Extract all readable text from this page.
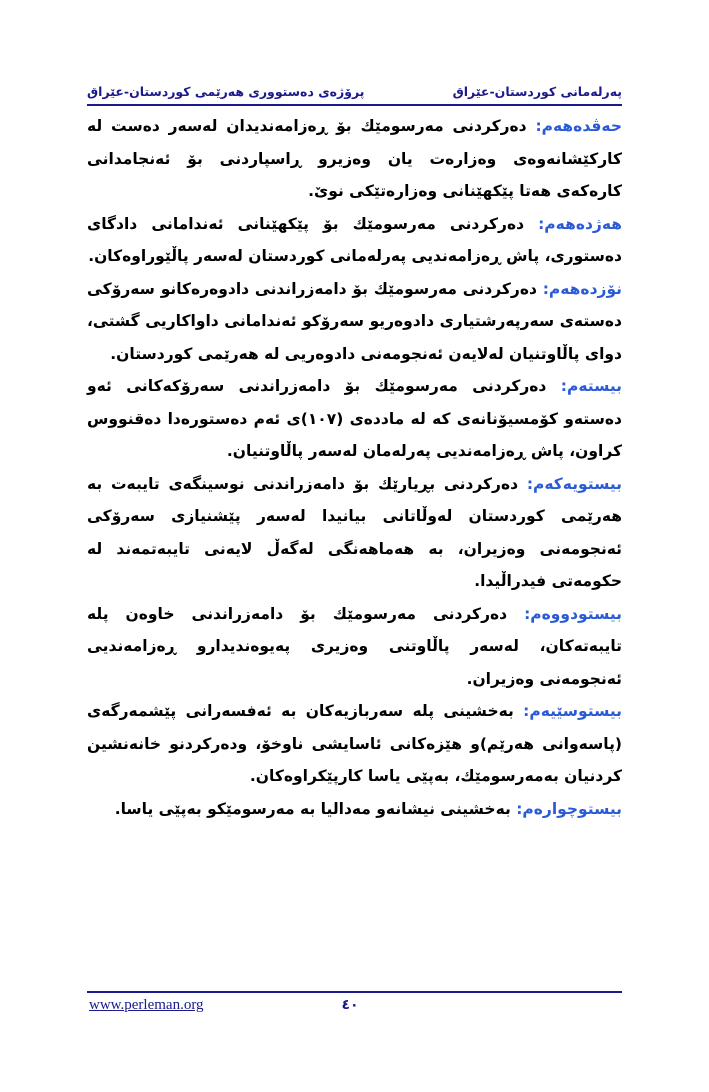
پەرلەمانی کوردستان-عێراق
پرۆژەی دەستووری هەرێمی کوردستان-عێراق

حەڤدەهەم: دەرکردنی مەرسومێك بۆ ڕەزامەندیدان لەسەر دەست لە کارکێشانەوەی وەزارەت یان وەزیرو ڕاسپاردنی بۆ ئەنجامدانی کارەکەی هەتا پێکهێنانی وەزارەتێکی نوێ.

هەژدەهەم: دەرکردنی مەرسومێك بۆ پێکهێنانی ئەندامانی دادگای دەستوری، پاش ڕەزامەندیی پەرلەمانی کوردستان لەسەر پاڵێوراوەکان.

نۆزدەهەم: دەرکردنی مەرسومێك بۆ دامەزراندنی دادوەرەکانو سەرۆکی دەستەی سەرپەرشتیاری دادوەریو سەرۆکو ئەندامانی داواکاریی گشتی، دوای پاڵاوتنیان لەلایەن ئەنجومەنی دادوەریی لە هەرێمی کوردستان.

بیستەم: دەرکردنی مەرسومێك بۆ دامەزراندنی سەرۆکەکانی ئەو دەستەو کۆمسیۆنانەی کە لە ماددەی (١٠٧)ی ئەم دەستورەدا دەقنووس کراون، پاش ڕەزامەندیی پەرلەمان لەسەر پاڵاوتنیان.

بیستویەکەم: دەرکردنی بڕیارێك بۆ دامەزراندنی نوسینگەی تایبەت بە هەرێمی کوردستان لەوڵاتانی بیانیدا لەسەر پێشنیازی سەرۆکی ئەنجومەنی وەزیران، بە هەماهەنگی لەگەڵ لایەنی تایبەتمەند لە حکومەتی فیدراڵیدا.

بیستودووەم: دەرکردنی مەرسومێك بۆ دامەزراندنی خاوەن پلە تایبەتەکان، لەسەر پاڵاوتنی وەزیری پەیوەندیدارو ڕەزامەندیی ئەنجومەنی وەزیران.

بیستوسێیەم: بەخشینی پلە سەربازیەکان بە ئەفسەرانی پێشمەرگەی (پاسەوانی هەرێم)و هێزەکانی ئاسایشی ناوخۆ، ودەرکردنو خانەنشین کردنیان بەمەرسومێك، بەپێی یاسا کارپێکراوەکان.

بیستوچوارەم: بەخشینی نیشانەو مەدالیا بە مەرسومێكو بەپێی یاسا.

www.perleman.org	٤٠
